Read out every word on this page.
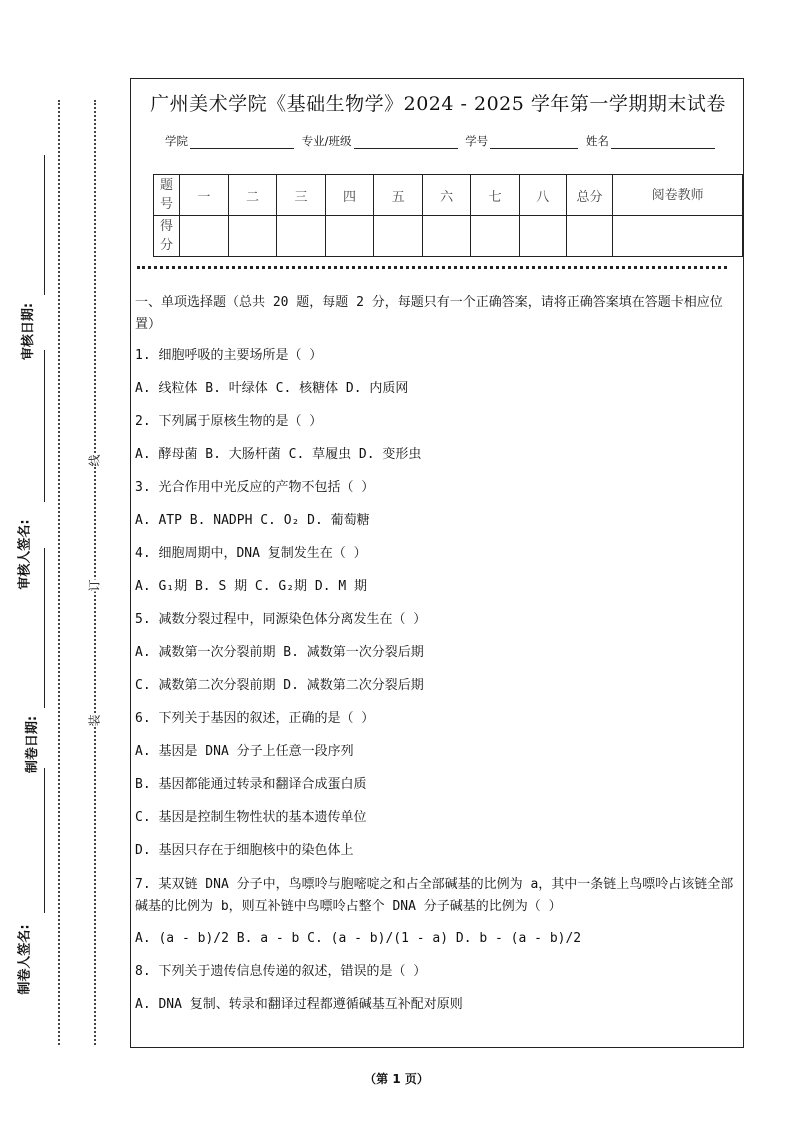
审核日期:
审核人签名:
制卷日期:
制卷人签名:
线
订
装
广州美术学院《基础生物学》2024 - 2025 学年第一学期期末试卷
学院	专业/班级	学号	姓名
题号	一	二	三	四	五	六	七	八	总分	阅卷教师
得分										

一、单项选择题（总共 20 题，每题 2 分，每题只有一个正确答案，请将正确答案填在答题卡相应位置）

1. 细胞呼吸的主要场所是（ ）

A. 线粒体 B. 叶绿体 C. 核糖体 D. 内质网

2. 下列属于原核生物的是（ ）

A. 酵母菌 B. 大肠杆菌 C. 草履虫 D. 变形虫

3. 光合作用中光反应的产物不包括（ ）

A. ATP B. NADPH C. O₂ D. 葡萄糖

4. 细胞周期中，DNA 复制发生在（ ）

A. G₁期 B. S 期 C. G₂期 D. M 期

5. 减数分裂过程中，同源染色体分离发生在（ ）

A. 减数第一次分裂前期 B. 减数第一次分裂后期

C. 减数第二次分裂前期 D. 减数第二次分裂后期

6. 下列关于基因的叙述，正确的是（ ）

A. 基因是 DNA 分子上任意一段序列

B. 基因都能通过转录和翻译合成蛋白质

C. 基因是控制生物性状的基本遗传单位

D. 基因只存在于细胞核中的染色体上

7. 某双链 DNA 分子中，鸟嘌呤与胞嘧啶之和占全部碱基的比例为 a，其中一条链上鸟嘌呤占该链全部碱基的比例为 b，则互补链中鸟嘌呤占整个 DNA 分子碱基的比例为（ ）

A. (a - b)/2 B. a - b C. (a - b)/(1 - a) D. b - (a - b)/2

8. 下列关于遗传信息传递的叙述，错误的是（ ）

A. DNA 复制、转录和翻译过程都遵循碱基互补配对原则

（第 1 页）
